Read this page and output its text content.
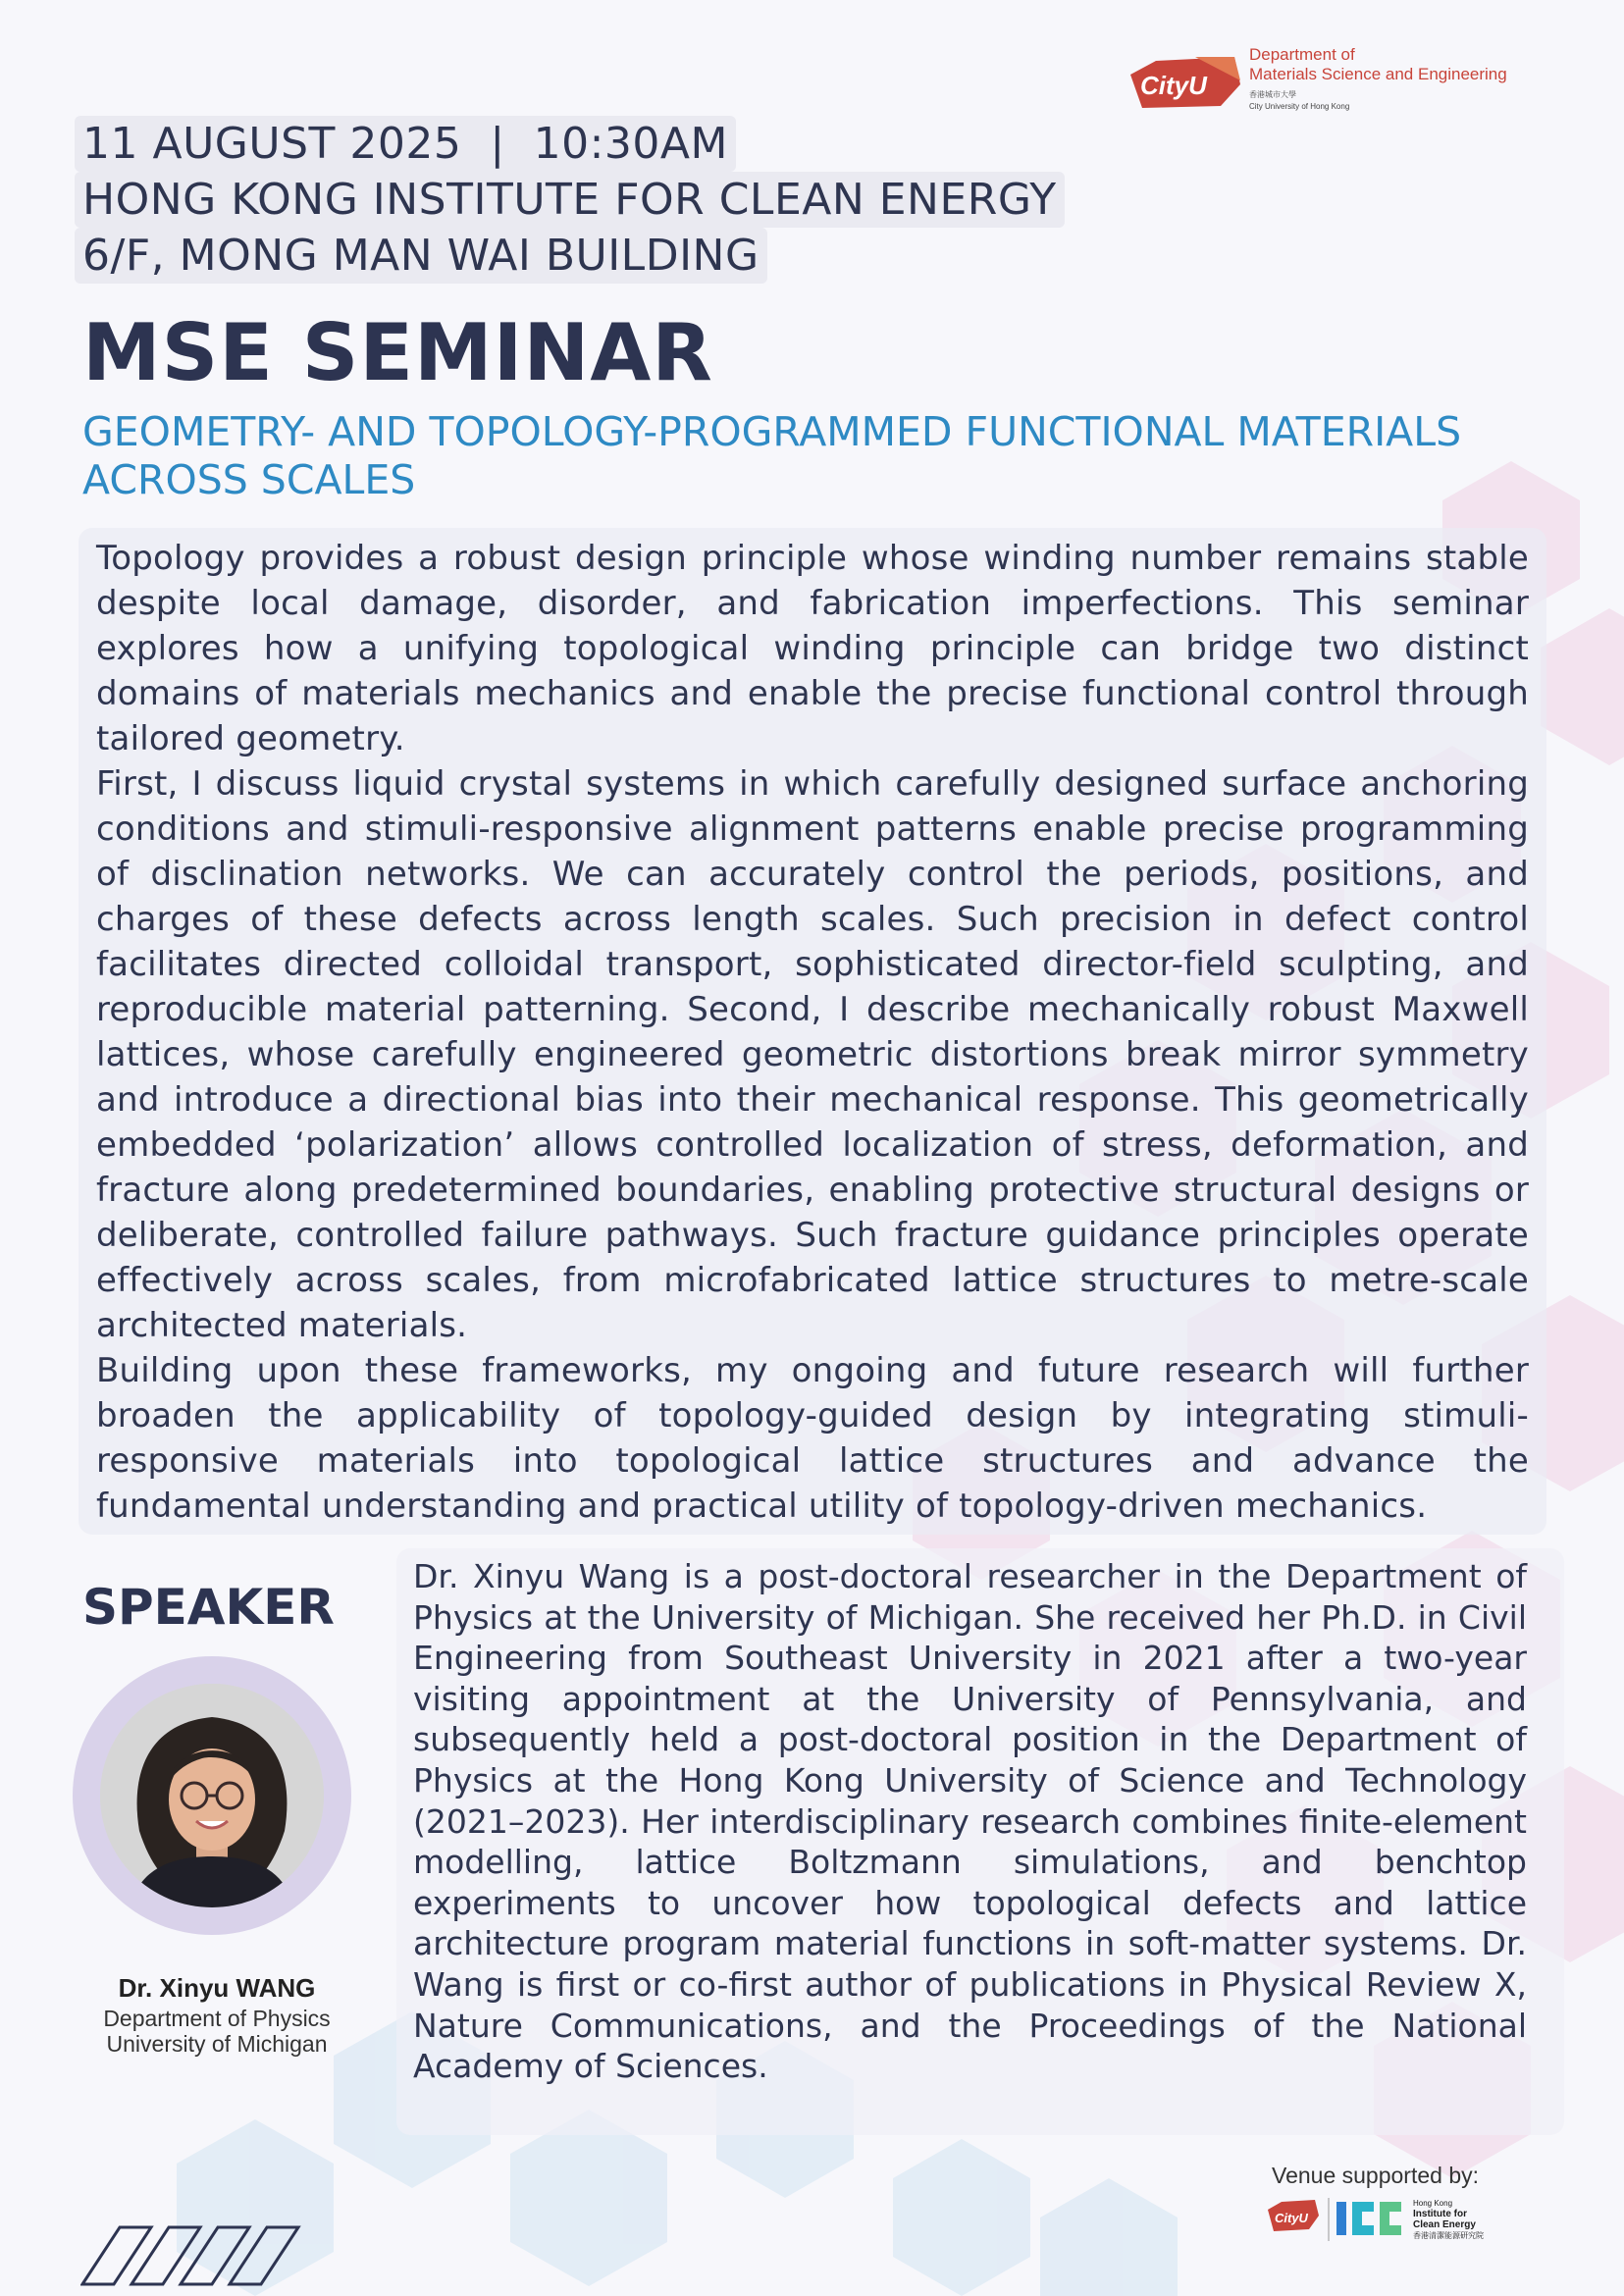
CityU
Department of
Materials Science and Engineering
香港城市大學
City University of Hong Kong
11 AUGUST 2025  |  10:30AM
HONG KONG INSTITUTE FOR CLEAN ENERGY
6/F, MONG MAN WAI BUILDING
MSE SEMINAR
GEOMETRY- AND TOPOLOGY-PROGRAMMED FUNCTIONAL MATERIALS ACROSS SCALES

Topology provides a robust design principle whose winding number remains stable despite local damage, disorder, and fabrication imperfections. This seminar explores how a unifying topological winding principle can bridge two distinct domains of materials mechanics and enable the precise functional control through tailored geometry.

First, I discuss liquid crystal systems in which carefully designed surface anchoring conditions and stimuli-responsive alignment patterns enable precise programming of disclination networks. We can accurately control the periods, positions, and charges of these defects across length scales. Such precision in defect control facilitates directed colloidal transport, sophisticated director-field sculpting, and reproducible material patterning. Second, I describe mechanically robust Maxwell lattices, whose carefully engineered geometric distortions break mirror symmetry and introduce a directional bias into their mechanical response. This geometrically embedded ‘polarization’ allows controlled localization of stress, deformation, and fracture along predetermined boundaries, enabling protective structural designs or deliberate, controlled failure pathways. Such fracture guidance principles operate effectively across scales, from microfabricated lattice structures to metre-scale architected materials.

Building upon these frameworks, my ongoing and future research will further broaden the applicability of topology-guided design by integrating stimuli-responsive materials into topological lattice structures and advance the fundamental understanding and practical utility of topology-driven mechanics.

SPEAKER
Dr. Xinyu WANG
Department of Physics
University of Michigan

Dr. Xinyu Wang is a post-doctoral researcher in the Department of Physics at the University of Michigan. She received her Ph.D. in Civil Engineering from Southeast University in 2021 after a two-year visiting appointment at the University of Pennsylvania, and subsequently held a post-doctoral position in the Department of Physics at the Hong Kong University of Science and Technology (2021–2023). Her interdisciplinary research combines finite-element modelling, lattice Boltzmann simulations, and benchtop experiments to uncover how topological defects and lattice architecture program material functions in soft-matter systems. Dr. Wang is first or co-first author of publications in Physical Review X, Nature Communications, and the Proceedings of the National Academy of Sciences.

Venue supported by:
CityU
Hong Kong
Institute for
Clean Energy
香港清潔能源研究院
